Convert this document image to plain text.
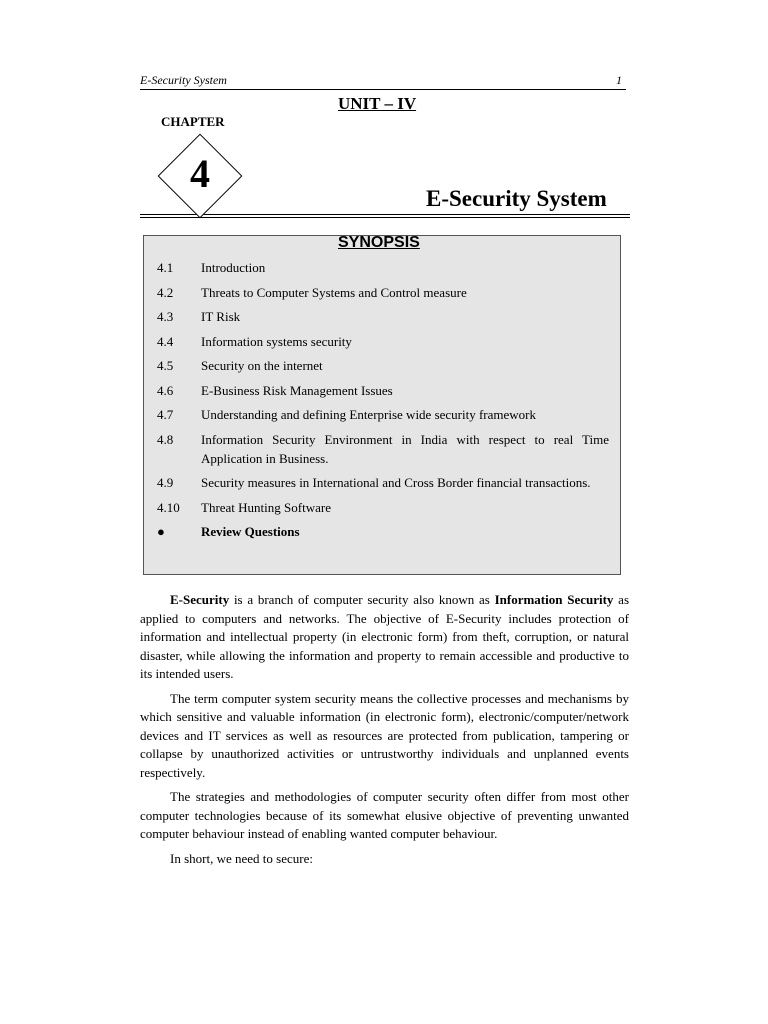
E-Security System	1
UNIT – IV
CHAPTER
4
E-Security System
SYNOPSIS
4.1	Introduction
4.2	Threats to Computer Systems and Control measure
4.3	IT Risk
4.4	Information systems security
4.5	Security on the internet
4.6	E-Business Risk Management Issues
4.7	Understanding and defining Enterprise wide security framework
4.8	Information Security Environment in India with respect to real Time Application in Business.
4.9	Security measures in International and Cross Border financial transactions.
4.10	Threat Hunting Software
●	Review Questions

E-Security is a branch of computer security also known as Information Security as applied to computers and networks. The objective of E-Security includes protection of information and intellectual property (in electronic form) from theft, corruption, or natural disaster, while allowing the information and property to remain accessible and productive to its intended users.

The term computer system security means the collective processes and mechanisms by which sensitive and valuable information (in electronic form), electronic/computer/network devices and IT services as well as resources are protected from publication, tampering or collapse by unauthorized activities or untrustworthy individuals and unplanned events respectively.

The strategies and methodologies of computer security often differ from most other computer technologies because of its somewhat elusive objective of preventing unwanted computer behaviour instead of enabling wanted computer behaviour.

In short, we need to secure:
